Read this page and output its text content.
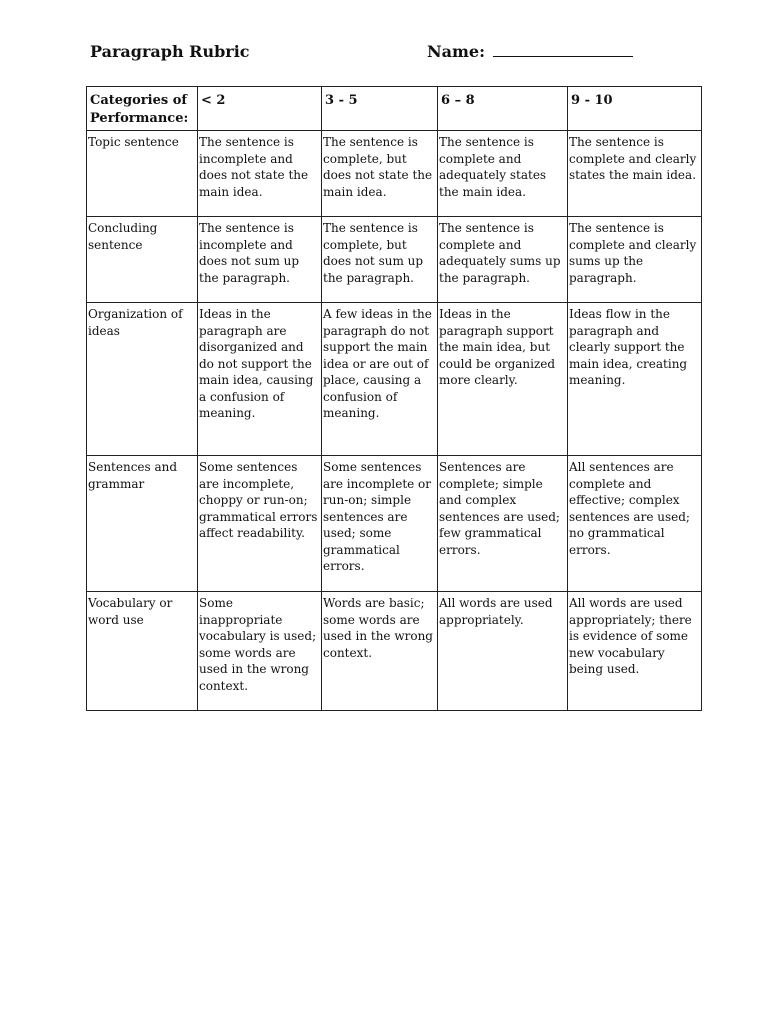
Paragraph Rubric	Name:
Categories of Performance:	< 2	3 - 5	6 – 8	9 - 10
Topic sentence	The sentence is incomplete and does not state the main idea.	The sentence is complete, but does not state the main idea.	The sentence is complete and adequately states the main idea.	The sentence is complete and clearly states the main idea.
Concluding sentence	The sentence is incomplete and does not sum up the paragraph.	The sentence is complete, but does not sum up the paragraph.	The sentence is complete and adequately sums up the paragraph.	The sentence is complete and clearly sums up the paragraph.
Organization of ideas	Ideas in the paragraph are disorganized and do not support the main idea, causing a confusion of meaning.	A few ideas in the paragraph do not support the main idea or are out of place, causing a confusion of meaning.	Ideas in the paragraph support the main idea, but could be organized more clearly.	Ideas flow in the paragraph and clearly support the main idea, creating meaning.
Sentences and grammar	Some sentences are incomplete, choppy or run-on; grammatical errors affect readability.	Some sentences are incomplete or run-on; simple sentences are used; some grammatical errors.	Sentences are complete; simple and complex sentences are used; few grammatical errors.	All sentences are complete and effective; complex sentences are used; no grammatical errors.
Vocabulary or word use	Some inappropriate vocabulary is used; some words are used in the wrong context.	Words are basic; some words are used in the wrong context.	All words are used appropriately.	All words are used appropriately; there is evidence of some new vocabulary being used.
